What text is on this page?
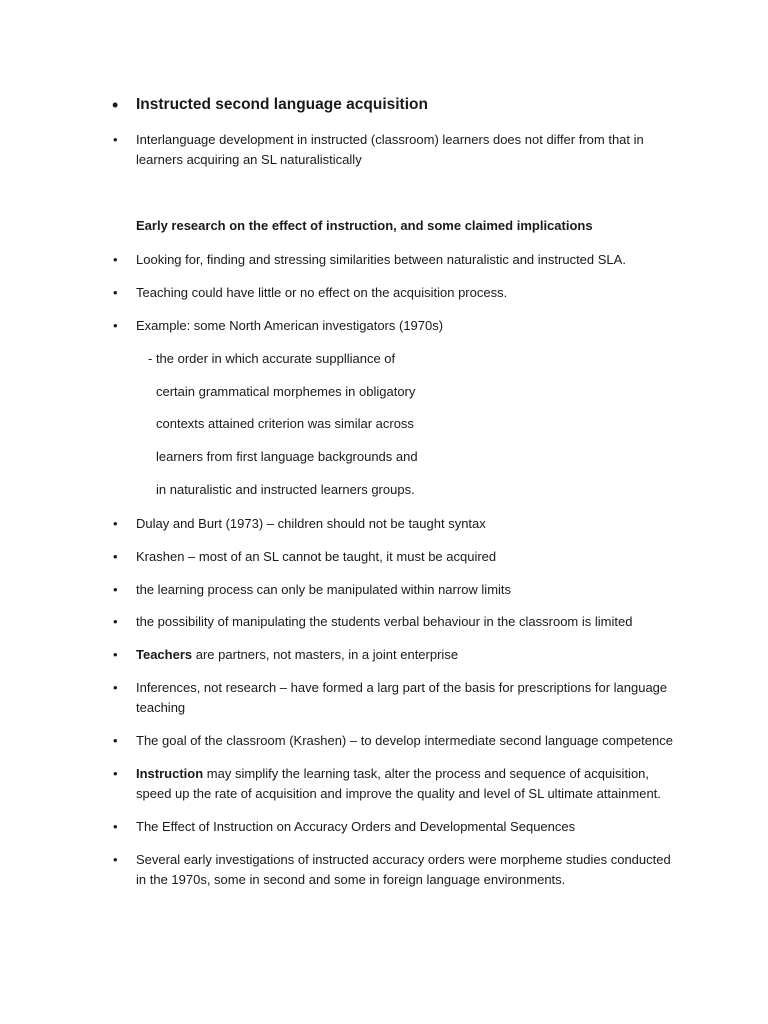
• Instructed second language acquisition
• Interlanguage development in instructed (classroom) learners does not differ from that in learners acquiring an SL naturalistically
Early research on the effect of instruction, and some claimed implications
• Looking for, finding and stressing similarities between naturalistic and instructed SLA.
• Teaching could have little or no effect on the acquisition process.
• Example: some North American investigators (1970s)
- the order in which accurate supplliance of
certain grammatical morphemes in obligatory
contexts attained criterion was similar across
learners from first language backgrounds and
in naturalistic and instructed learners groups.
• Dulay and Burt (1973) – children should not be taught syntax
• Krashen – most of an SL cannot be taught, it must be acquired
• the learning process can only be manipulated within narrow limits
• the possibility of manipulating the students verbal behaviour in the classroom is limited
• Teachers are partners, not masters, in a joint enterprise
• Inferences, not research – have formed a larg part of the basis for prescriptions for language teaching
• The goal of the classroom (Krashen) – to develop intermediate second language competence
• Instruction may simplify the learning task, alter the process and sequence of acquisition, speed up the rate of acquisition and improve the quality and level of SL ultimate attainment.
• The Effect of Instruction on Accuracy Orders and Developmental Sequences
• Several early investigations of instructed accuracy orders were morpheme studies conducted in the 1970s, some in second and some in foreign language environments.
